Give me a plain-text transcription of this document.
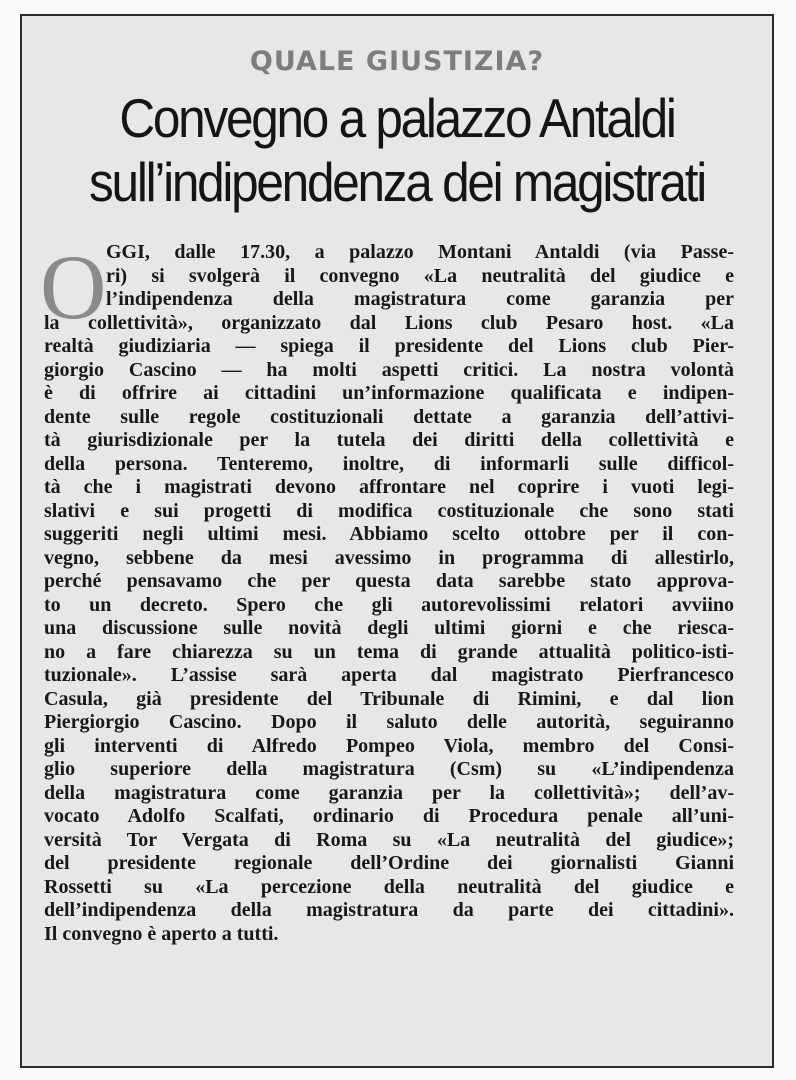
QUALE GIUSTIZIA?
Convegno a palazzo Antaldi
sull’indipendenza dei magistrati
O GGI, dalle 17.30, a palazzo Montani Antaldi (via Passe-
ri) si svolgerà il convegno «La neutralità del giudice e
l’indipendenza della magistratura come garanzia per
la collettività», organizzato dal Lions club Pesaro host. «La
realtà giudiziaria — spiega il presidente del Lions club Pier-
giorgio Cascino — ha molti aspetti critici. La nostra volontà
è di offrire ai cittadini un’informazione qualificata e indipen-
dente sulle regole costituzionali dettate a garanzia dell’attivi-
tà giurisdizionale per la tutela dei diritti della collettività e
della persona. Tenteremo, inoltre, di informarli sulle difficol-
tà che i magistrati devono affrontare nel coprire i vuoti legi-
slativi e sui progetti di modifica costituzionale che sono stati
suggeriti negli ultimi mesi. Abbiamo scelto ottobre per il con-
vegno, sebbene da mesi avessimo in programma di allestirlo,
perché pensavamo che per questa data sarebbe stato approva-
to un decreto. Spero che gli autorevolissimi relatori avviino
una discussione sulle novità degli ultimi giorni e che riesca-
no a fare chiarezza su un tema di grande attualità politico-isti-
tuzionale». L’assise sarà aperta dal magistrato Pierfrancesco
Casula, già presidente del Tribunale di Rimini, e dal lion
Piergiorgio Cascino. Dopo il saluto delle autorità, seguiranno
gli interventi di Alfredo Pompeo Viola, membro del Consi-
glio superiore della magistratura (Csm) su «L’indipendenza
della magistratura come garanzia per la collettività»; dell’av-
vocato Adolfo Scalfati, ordinario di Procedura penale all’uni-
versità Tor Vergata di Roma su «La neutralità del giudice»;
del presidente regionale dell’Ordine dei giornalisti Gianni
Rossetti su «La percezione della neutralità del giudice e
dell’indipendenza della magistratura da parte dei cittadini».
Il convegno è aperto a tutti.
